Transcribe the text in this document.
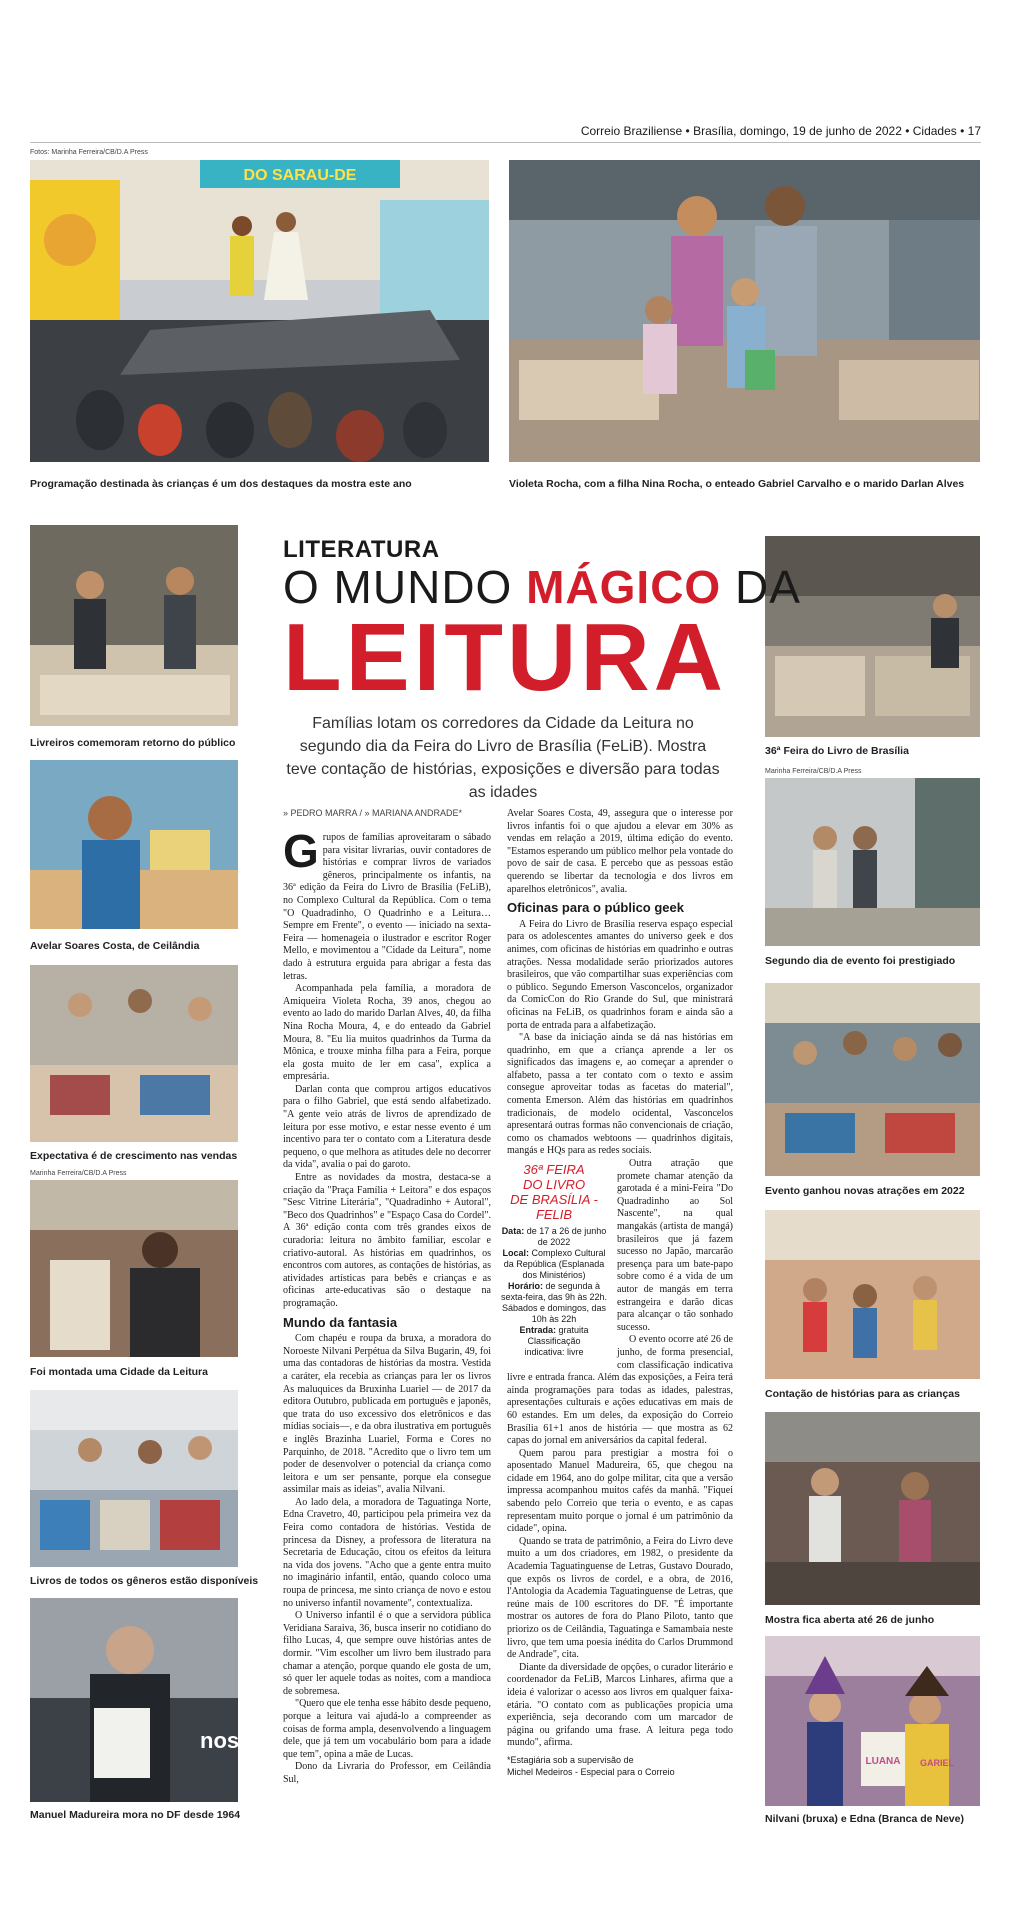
Correio Braziliense • Brasília, domingo, 19 de junho de 2022 • Cidades • 17
Fotos: Marinha Ferreira/CB/D.A Press
DO SARAU-DE
Programação destinada às crianças é um dos destaques da mostra este ano	Violeta Rocha, com a filha Nina Rocha, o enteado Gabriel Carvalho e o marido Darlan Alves
Livreiros comemoram retorno do público
Avelar Soares Costa, de Ceilândia
Expectativa é de crescimento nas vendas
Marinha Ferreira/CB/D.A Press
Foi montada uma Cidade da Leitura
Livros de todos os gêneros estão disponíveis
nos
Manuel Madureira mora no DF desde 1964
36ª Feira do Livro de Brasília
Marinha Ferreira/CB/D.A Press
Segundo dia de evento foi prestigiado
Evento ganhou novas atrações em 2022
Contação de histórias para as crianças
Mostra fica aberta até 26 de junho
LUANA GARIEL
Nilvani (bruxa) e Edna (Branca de Neve)
LITERATURA
O MUNDO MÁGICO DA
LEITURA
Famílias lotam os corredores da Cidade da Leitura no segundo dia da Feira do Livro de Brasília (FeLiB). Mostra teve contação de histórias, exposições e diversão para todas as idades
» PEDRO MARRA / » MARIANA ANDRADE*

Grupos de famílias aproveitaram o sábado para visitar livrarias, ouvir contadores de histórias e comprar livros de variados gêneros, principalmente os infantis, na 36ª edição da Feira do Livro de Brasília (FeLiB), no Complexo Cultural da República. Com o tema "O Quadradinho, O Quadrinho e a Leitura… Sempre em Frente", o evento — iniciado na sexta-Feira — homenageia o ilustrador e escritor Roger Mello, e movimentou a "Cidade da Leitura", nome dado à estrutura erguida para abrigar a festa das letras.

Acompanhada pela família, a moradora de Amiqueira Violeta Rocha, 39 anos, chegou ao evento ao lado do marido Darlan Alves, 40, da filha Nina Rocha Moura, 4, e do enteado da Gabriel Moura, 8. "Eu lia muitos quadrinhos da Turma da Mônica, e trouxe minha filha para a Feira, porque ela gosta muito de ler em casa", explica a empresária.

Darlan conta que comprou artigos educativos para o filho Gabriel, que está sendo alfabetizado. "A gente veio atrás de livros de aprendizado de leitura por esse motivo, e estar nesse evento é um incentivo para ter o contato com a Literatura desde pequeno, o que melhora as atitudes dele no decorrer da vida", avalia o pai do garoto.

Entre as novidades da mostra, destaca-se a criação da "Praça Família + Leitora" e dos espaços "Sesc Vitrine Literária", "Quadradinho + Autoral", "Beco dos Quadrinhos" e "Espaço Casa do Cordel". A 36ª edição conta com três grandes eixos de curadoria: leitura no âmbito familiar, escolar e criativo-autoral. As histórias em quadrinhos, os encontros com autores, as contações de histórias, as atividades artísticas para bebês e crianças e as oficinas arte-educativas são o destaque na programação.

Mundo da fantasia

Com chapéu e roupa da bruxa, a moradora do Noroeste Nilvani Perpétua da Silva Bugarin, 49, foi uma das contadoras de histórias da mostra. Vestida a caráter, ela recebia as crianças para ler os livros As maluquices da Bruxinha Luariel — de 2017 da editora Outubro, publicada em português e japonês, que trata do uso excessivo dos eletrônicos e das mídias sociais—, e da obra ilustrativa em português e inglês Brazinha Luariel, Forma e Cores no Parquinho, de 2018. "Acredito que o livro tem um poder de desenvolver o potencial da criança como leitora e um ser pensante, porque ela consegue assimilar mais as ideias", avalia Nilvani.

Ao lado dela, a moradora de Taguatinga Norte, Edna Cravetro, 40, participou pela primeira vez da Feira como contadora de histórias. Vestida de princesa da Disney, a professora de literatura na Secretaria de Educação, citou os efeitos da leitura na vida dos jovens. "Acho que a gente entra muito no imaginário infantil, então, quando coloco uma roupa de princesa, me sinto criança de novo e estou no universo infantil novamente", contextualiza.

O Universo infantil é o que a servidora pública Veridiana Saraiva, 36, busca inserir no cotidiano do filho Lucas, 4, que sempre ouve histórias antes de dormir. "Vim escolher um livro bem ilustrado para chamar a atenção, porque quando ele gosta de um, só quer ler aquele todas as noites, com a mandioca de sobremesa.

"Quero que ele tenha esse hábito desde pequeno, porque a leitura vai ajudá-lo a compreender as coisas de forma ampla, desenvolvendo a linguagem dele, que já tem um vocabulário bom para a idade que tem", opina a mãe de Lucas.

Dono da Livraria do Professor, em Ceilândia Sul,

Avelar Soares Costa, 49, assegura que o interesse por livros infantis foi o que ajudou a elevar em 30% as vendas em relação a 2019, última edição do evento. "Estamos esperando um público melhor pela vontade do povo de sair de casa. E percebo que as pessoas estão querendo se libertar da tecnologia e dos livros em aparelhos eletrônicos", avalia.

Oficinas para o público geek

A Feira do Livro de Brasília reserva espaço especial para os adolescentes amantes do universo geek e dos animes, com oficinas de histórias em quadrinho e outras atrações. Nessa modalidade serão priorizados autores brasileiros, que vão compartilhar suas experiências com o público. Segundo Emerson Vasconcelos, organizador da ComicCon do Rio Grande do Sul, que ministrará oficinas na FeLiB, os quadrinhos foram e ainda são a porta de entrada para a alfabetização.

"A base da iniciação ainda se dá nas histórias em quadrinho, em que a criança aprende a ler os significados das imagens e, ao começar a aprender o alfabeto, passa a ter contato com o texto e assim consegue aproveitar todas as facetas do material", comenta Emerson. Além das histórias em quadrinhos tradicionais, de modelo ocidental, Vasconcelos apresentará outras formas não convencionais de criação, como os chamados webtoons — quadrinhos digitais, mangás e HQs para as redes sociais.

36ª FEIRA
DO LIVRO
DE BRASÍLIA - FELIB
Data: de 17 a 26 de junho de 2022
Local: Complexo Cultural da República (Esplanada dos Ministérios)
Horário: de segunda à sexta-feira, das 9h às 22h. Sábados e domingos, das 10h às 22h
Entrada: gratuita
Classificação
indicativa: livre

Outra atração que promete chamar atenção da garotada é a mini-Feira "Do Quadradinho ao Sol Nascente", na qual mangakás (artista de mangá) brasileiros que já fazem sucesso no Japão, marcarão presença para um bate-papo sobre como é a vida de um autor de mangás em terra estrangeira e darão dicas para alcançar o tão sonhado sucesso.

O evento ocorre até 26 de junho, de forma presencial, com classificação indicativa livre e entrada franca. Além das exposições, a Feira terá ainda programações para todas as idades, palestras, apresentações culturais e ações educativas em mais de 60 estandes. Em um deles, da exposição do Correio Brasília 61+1 anos de história — que mostra as 62 capas do jornal em aniversários da capital federal.

Quem parou para prestigiar a mostra foi o aposentado Manuel Madureira, 65, que chegou na cidade em 1964, ano do golpe militar, cita que a versão impressa acompanhou muitos cafés da manhã. "Fiquei sabendo pelo Correio que teria o evento, e as capas representam muito porque o jornal é um patrimônio da cidade", opina.

Quando se trata de patrimônio, a Feira do Livro deve muito a um dos criadores, em 1982, o presidente da Academia Taguatinguense de Letras, Gustavo Dourado, que expôs os livros de cordel, e a obra, de 2016, l'Antologia da Academia Taguatinguense de Letras, que reúne mais de 100 escritores do DF. "É importante mostrar os autores de fora do Plano Piloto, tanto que priorizo os de Ceilândia, Taguatinga e Samambaia neste livro, que tem uma poesia inédita do Carlos Drummond de Andrade", cita.

Diante da diversidade de opções, o curador literário e coordenador da FeLiB, Marcos Linhares, afirma que a ideia é valorizar o acesso aos livros em qualquer faixa-etária. "O contato com as publicações propicia uma experiência, seja decorando com um marcador de página ou grifando uma frase. A leitura pega todo mundo", afirma.

*Estagiária sob a supervisão de
Michel Medeiros - Especial para o Correio
